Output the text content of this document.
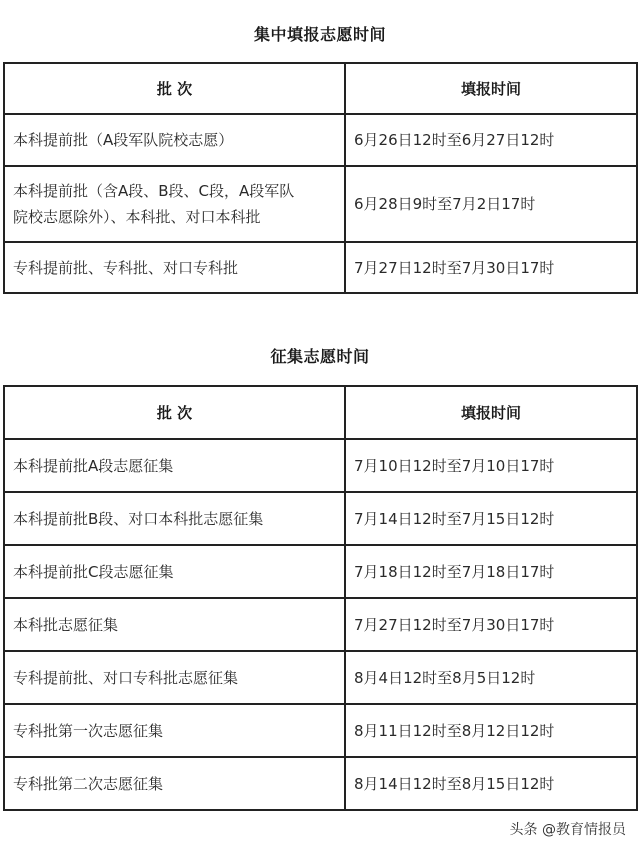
集中填报志愿时间
批 次	填报时间
本科提前批（A段军队院校志愿）	6月26日12时至6月27日12时
本科提前批（含A段、B段、C段，A段军队院校志愿除外）、本科批、对口本科批	6月28日9时至7月2日17时
专科提前批、专科批、对口专科批	7月27日12时至7月30日17时
征集志愿时间
批 次	填报时间
本科提前批A段志愿征集	7月10日12时至7月10日17时
本科提前批B段、对口本科批志愿征集	7月14日12时至7月15日12时
本科提前批C段志愿征集	7月18日12时至7月18日17时
本科批志愿征集	7月27日12时至7月30日17时
专科提前批、对口专科批志愿征集	8月4日12时至8月5日12时
专科批第一次志愿征集	8月11日12时至8月12日12时
专科批第二次志愿征集	8月14日12时至8月15日12时
头条 @教育情报员
